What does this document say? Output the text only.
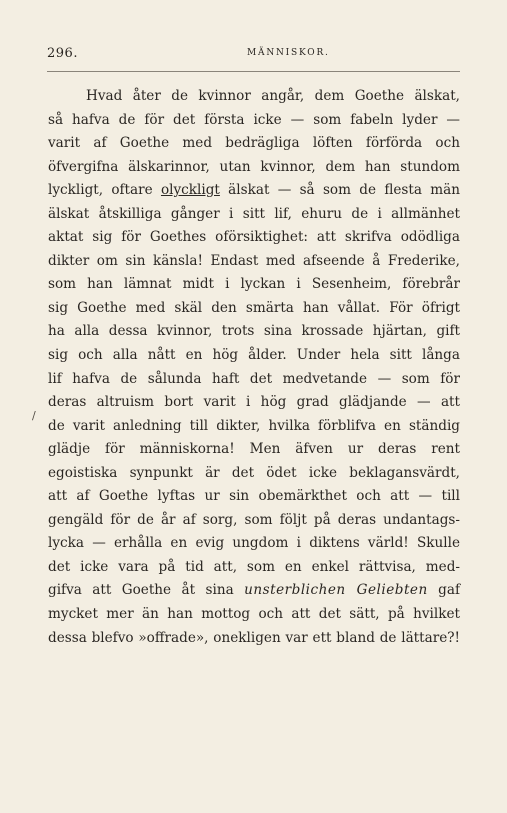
296.	MÄNNISKOR.
/
Hvad åter de kvinnor angår, dem Goethe älskat,
så hafva de för det första icke — som fabeln lyder —
varit af Goethe med bedrägliga löften förförda och
öfvergifna älskarinnor, utan kvinnor, dem han stundom
lyckligt, oftare olyckligt älskat — så som de flesta män
älskat åtskilliga gånger i sitt lif, ehuru de i allmänhet
aktat sig för Goethes oförsiktighet: att skrifva odödliga
dikter om sin känsla! Endast med afseende å Frederike,
som han lämnat midt i lyckan i Sesenheim, förebrår
sig Goethe med skäl den smärta han vållat. För öfrigt
ha alla dessa kvinnor, trots sina krossade hjärtan, gift
sig och alla nått en hög ålder. Under hela sitt långa
lif hafva de sålunda haft det medvetande — som för
deras altruism bort varit i hög grad glädjande — att
de varit anledning till dikter, hvilka förblifva en ständig
glädje för människorna! Men äfven ur deras rent
egoistiska synpunkt är det ödet icke beklagansvärdt,
att af Goethe lyftas ur sin obemärkthet och att — till
gengäld för de år af sorg, som följt på deras undantags-
lycka — erhålla en evig ungdom i diktens värld! Skulle
det icke vara på tid att, som en enkel rättvisa, med-
gifva att Goethe åt sina unsterblichen Geliebten gaf
mycket mer än han mottog och att det sätt, på hvilket
dessa blefvo »offrade», onekligen var ett bland de lättare?!
